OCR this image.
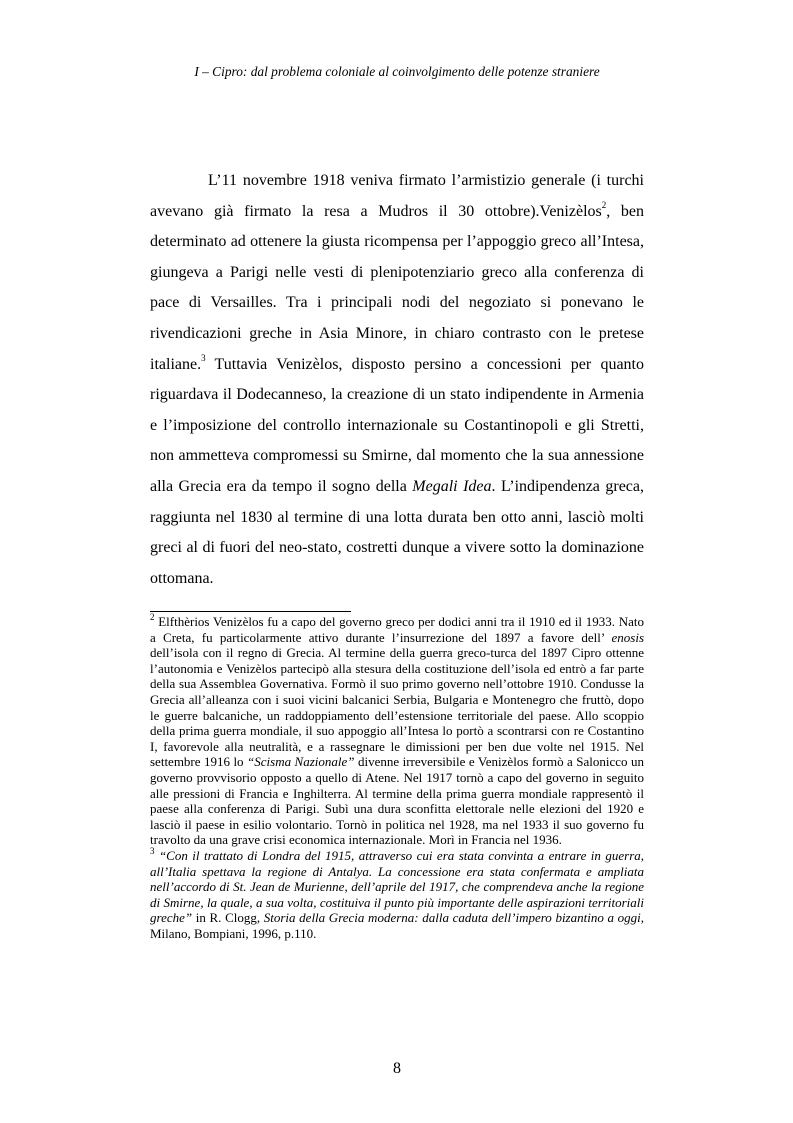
I – Cipro: dal problema coloniale al coinvolgimento delle potenze straniere

L’11 novembre 1918 veniva firmato l’armistizio generale (i turchi avevano già firmato la resa a Mudros il 30 ottobre).Venizèlos$^2$, ben determinato ad ottenere la giusta ricompensa per l’appoggio greco all’Intesa, giungeva a Parigi nelle vesti di plenipotenziario greco alla conferenza di pace di Versailles. Tra i principali nodi del negoziato si ponevano le rivendicazioni greche in Asia Minore, in chiaro contrasto con le pretese italiane.$^3$ Tuttavia Venizèlos, disposto persino a concessioni per quanto riguardava il Dodecanneso, la creazione di un stato indipendente in Armenia e l’imposizione del controllo internazionale su Costantinopoli e gli Stretti, non ammetteva compromessi su Smirne, dal momento che la sua annessione alla Grecia era da tempo il sogno della Megali Idea. L’indipendenza greca, raggiunta nel 1830 al termine di una lotta durata ben otto anni, lasciò molti greci al di fuori del neo-stato, costretti dunque a vivere sotto la dominazione ottomana.

$^2$ Elfthèrios Venizèlos fu a capo del governo greco per dodici anni tra il 1910 ed il 1933. Nato a Creta, fu particolarmente attivo durante l’insurrezione del 1897 a favore dell’ enosis dell’isola con il regno di Grecia. Al termine della guerra greco-turca del 1897 Cipro ottenne l’autonomia e Venizèlos partecipò alla stesura della costituzione dell’isola ed entrò a far parte della sua Assemblea Governativa. Formò il suo primo governo nell’ottobre 1910. Condusse la Grecia all’alleanza con i suoi vicini balcanici Serbia, Bulgaria e Montenegro che fruttò, dopo le guerre balcaniche, un raddoppiamento dell’estensione territoriale del paese. Allo scoppio della prima guerra mondiale, il suo appoggio all’Intesa lo portò a scontrarsi con re Costantino I, favorevole alla neutralità, e a rassegnare le dimissioni per ben due volte nel 1915. Nel settembre 1916 lo “Scisma Nazionale” divenne irreversibile e Venizèlos formò a Salonicco un governo provvisorio opposto a quello di Atene. Nel 1917 tornò a capo del governo in seguito alle pressioni di Francia e Inghilterra. Al termine della prima guerra mondiale rappresentò il paese alla conferenza di Parigi. Subì una dura sconfitta elettorale nelle elezioni del 1920 e lasciò il paese in esilio volontario. Tornò in politica nel 1928, ma nel 1933 il suo governo fu travolto da una grave crisi economica internazionale. Morì in Francia nel 1936.

$^3$ “Con il trattato di Londra del 1915, attraverso cui era stata convinta a entrare in guerra, all’Italia spettava la regione di Antalya. La concessione era stata confermata e ampliata nell’accordo di St. Jean de Murienne, dell’aprile del 1917, che comprendeva anche la regione di Smirne, la quale, a sua volta, costituiva il punto più importante delle aspirazioni territoriali greche” in R. Clogg, Storia della Grecia moderna: dalla caduta dell’impero bizantino a oggi, Milano, Bompiani, 1996, p.110.

8
